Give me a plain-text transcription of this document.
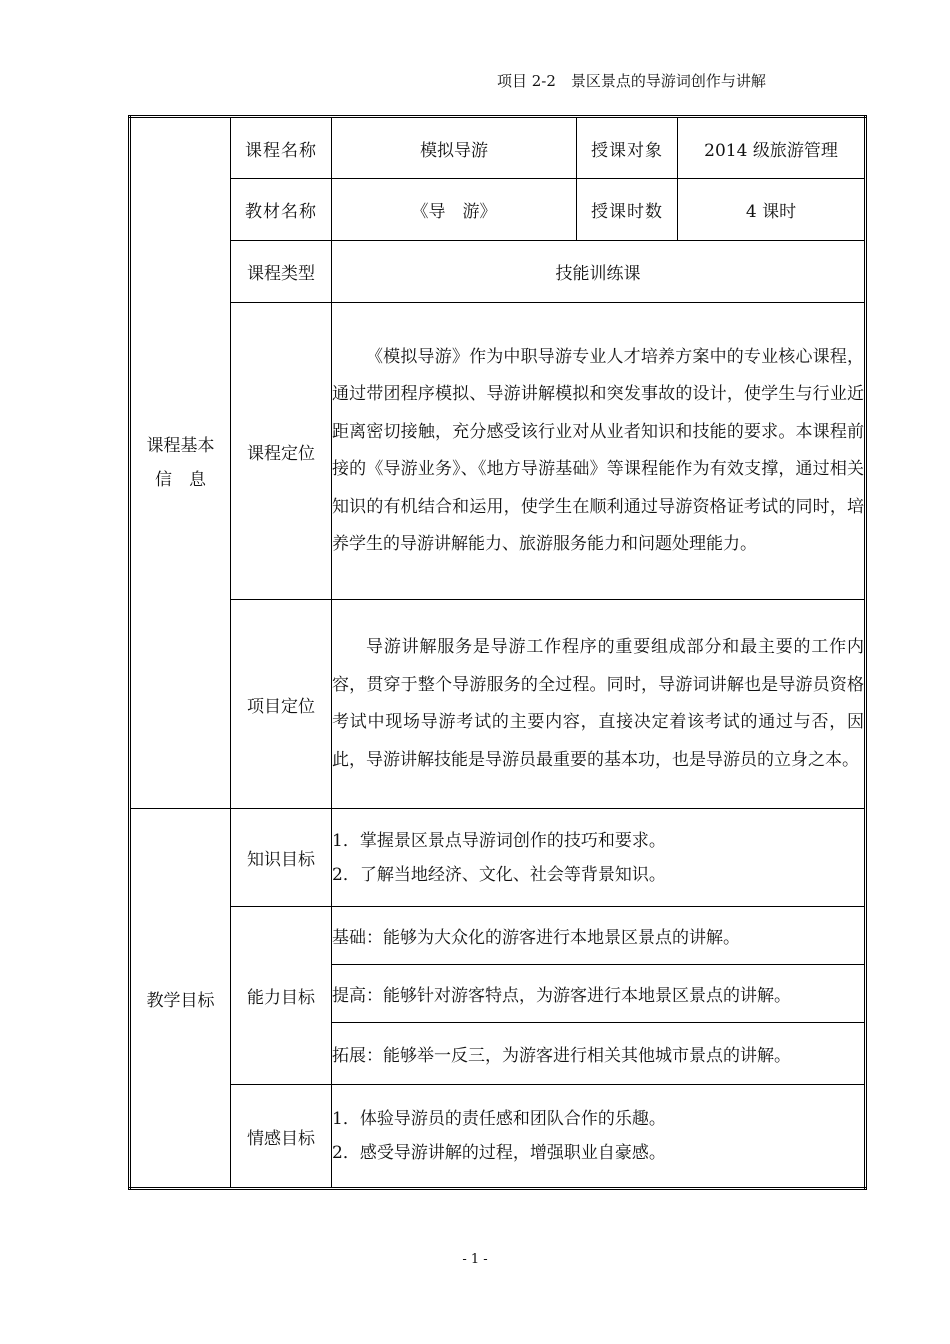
项目 2-2　景区景点的导游词创作与讲解
课程基本
信　息	课程名称	模拟导游	授课对象	2014 级旅游管理
	教材名称	《导　游》	授课时数	4 课时
	课程类型	技能训练课		
	课程定位	《模拟导游》作为中职导游专业人才培养方案中的专业核心课程，通过带团程序模拟、导游讲解模拟和突发事故的设计，使学生与行业近距离密切接触，充分感受该行业对从业者知识和技能的要求。本课程前接的《导游业务》、《地方导游基础》等课程能作为有效支撑，通过相关知识的有机结合和运用，使学生在顺利通过导游资格证考试的同时，培养学生的导游讲解能力、旅游服务能力和问题处理能力。		

	项目定位	导游讲解服务是导游工作程序的重要组成部分和最主要的工作内容，贯穿于整个导游服务的全过程。同时，导游词讲解也是导游员资格考试中现场导游考试的主要内容，直接决定着该考试的通过与否，因此，导游讲解技能是导游员最重要的基本功，也是导游员的立身之本。		

教学目标	知识目标	1．掌握景区景点导游词创作的技巧和要求。
2．了解当地经济、文化、社会等背景知识。		

	能力目标	基础：能够为大众化的游客进行本地景区景点的讲解。		
		提高：能够针对游客特点，为游客进行本地景区景点的讲解。		
		拓展：能够举一反三，为游客进行相关其他城市景点的讲解。		
	情感目标	1．体验导游员的责任感和团队合作的乐趣。
2．感受导游讲解的过程，增强职业自豪感。		
- 1 -
